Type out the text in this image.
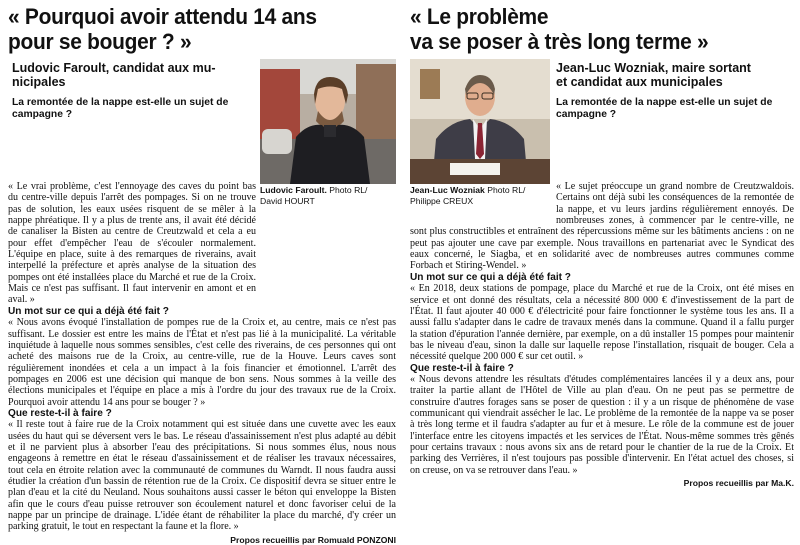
« Pourquoi avoir attendu 14 ans
pour se bouger ? »
Ludovic Faroult, candidat aux mu-
nicipales
La remontée de la nappe est-elle un sujet de campagne ?

« Le vrai problème, c'est l'ennoyage des caves du point bas du centre-ville depuis l'arrêt des pompages. Si on ne trouve pas de solution, les eaux usées risquent de se mêler à la nappe phréatique. Il y a plus de trente ans, il avait été décidé de canaliser la Bisten au centre de Creutzwald et cela a eu pour effet d'empêcher l'eau de s'écouler normalement. L'équipe en place, suite à des remarques de riverains, avait interpellé la préfecture et après analyse de la situation des pompes ont été installées place du Marché et rue de la Croix. Mais ce n'est pas suffisant. Il faut intervenir en amont et en aval. »

Ludovic Faroult. Photo RL/
David HOURT

Un mot sur ce qui a déjà été fait ?

« Nous avons évoqué l'installation de pompes rue de la Croix et, au centre, mais ce n'est pas suffisant. Le dossier est entre les mains de l'État et n'est pas lié à la municipalité. La véritable inquiétude à laquelle nous sommes sensibles, c'est celle des riverains, de ces personnes qui ont acheté des maisons rue de la Croix, au centre-ville, rue de la Houve. Leurs caves sont régulièrement inondées et cela a un impact à la fois financier et émotionnel. L'arrêt des pompages en 2006 est une décision qui manque de bon sens. Nous sommes à la veille des élections municipales et l'équipe en place a mis à l'ordre du jour des travaux rue de la Croix. Pourquoi avoir attendu 14 ans pour se bouger ? »

Que reste-t-il à faire ?

« Il reste tout à faire rue de la Croix notamment qui est située dans une cuvette avec les eaux usées du haut qui se déversent vers le bas. Le réseau d'assainissement n'est plus adapté au débit et il ne parvient plus à absorber l'eau des précipitations. Si nous sommes élus, nous nous engageons à remettre en état le réseau d'assainissement et de réaliser les travaux nécessaires, tout cela en étroite relation avec la communauté de communes du Warndt. Il nous faudra aussi étudier la création d'un bassin de rétention rue de la Croix. Ce dispositif devra se situer entre le plan d'eau et la cité du Neuland. Nous souhaitons aussi casser le béton qui enveloppe la Bisten afin que le cours d'eau puisse retrouver son écoulement naturel et donc favoriser celui de la nappe par un principe de drainage. L'idée étant de réhabiliter la place du marché, d'y créer un parking gratuit, le tout en respectant la faune et la flore. »

Propos recueillis par Romuald PONZONI
« Le problème
va se poser à très long terme »
Jean-Luc Wozniak, maire sortant
et candidat aux municipales
La remontée de la nappe est-elle un sujet de campagne ?
Jean-Luc Wozniak Photo RL/
Philippe CREUX

« Le sujet préoccupe un grand nombre de Creutzwaldois. Certains ont déjà subi les conséquences de la remontée de la nappe, et vu leurs jardins régulièrement ennoyés. De nombreuses zones, à commencer par le centre-ville, ne sont plus constructibles et entraînent des répercussions même sur les bâtiments anciens : on ne peut pas ajouter une cave par exemple. Nous travaillons en partenariat avec le Syndicat des eaux concerné, le Siagba, et en solidarité avec de nombreuses autres communes comme Forbach et Stiring-Wendel. »

Un mot sur ce qui a déjà été fait ?

« En 2018, deux stations de pompage, place du Marché et rue de la Croix, ont été mises en service et ont donné des résultats, cela a nécessité 800 000 € d'investissement de la part de l'État. Il faut ajouter 40 000 € d'électricité pour faire fonctionner le système tous les ans. Il a aussi fallu s'adapter dans le cadre de travaux menés dans la commune. Quand il a fallu purger la station d'épuration l'année dernière, par exemple, on a dû installer 15 pompes pour maintenir bas le niveau d'eau, sinon la dalle sur laquelle repose l'installation, risquait de bouger. Cela a nécessité quelque 200 000 € sur cet outil. »

Que reste-t-il à faire ?

« Nous devons attendre les résultats d'études complémentaires lancées il y a deux ans, pour traiter la partie allant de l'Hôtel de Ville au plan d'eau. On ne peut pas se permettre de construire d'autres forages sans se poser de question : il y a un risque de phénomène de vase communicant qui viendrait assécher le lac. Le problème de la remontée de la nappe va se poser à très long terme et il faudra s'adapter au fur et à mesure. Le rôle de la commune est de jouer l'interface entre les citoyens impactés et les services de l'État. Nous-même sommes très gênés pour certains travaux : nous avons six ans de retard pour le chantier de la rue de la Croix. Et parking des Verrières, il n'est toujours pas possible d'intervenir. En l'état actuel des choses, si on creuse, on va se retrouver dans l'eau. »

Propos recueillis par Ma.K.
